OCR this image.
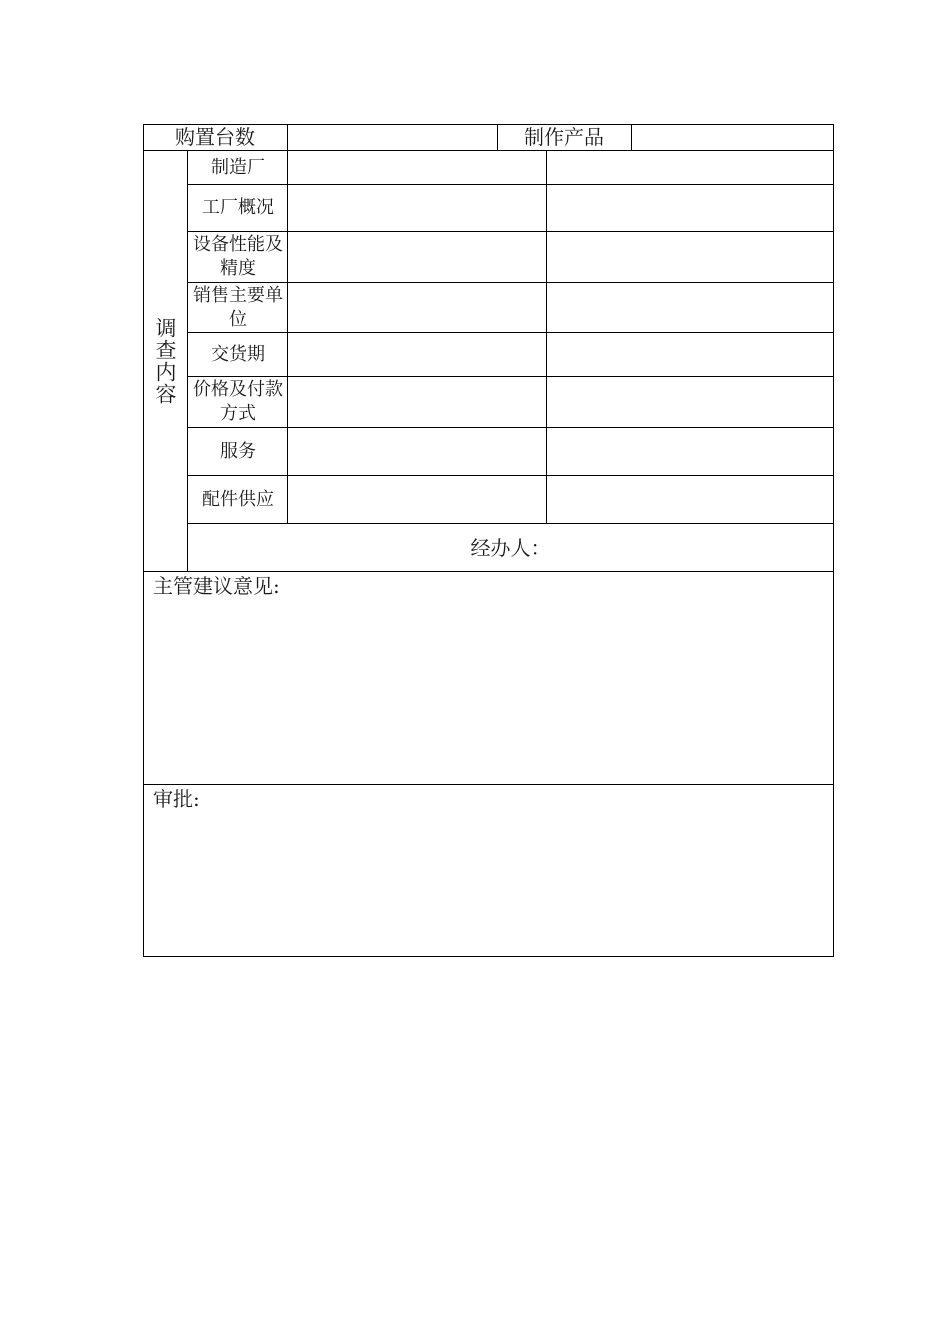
购置台数	制作产品
调查内容
制造厂
工厂概况
设备性能及精度
销售主要单位
交货期
价格及付款方式
服务
配件供应
经办人：
主管建议意见:
审批:
